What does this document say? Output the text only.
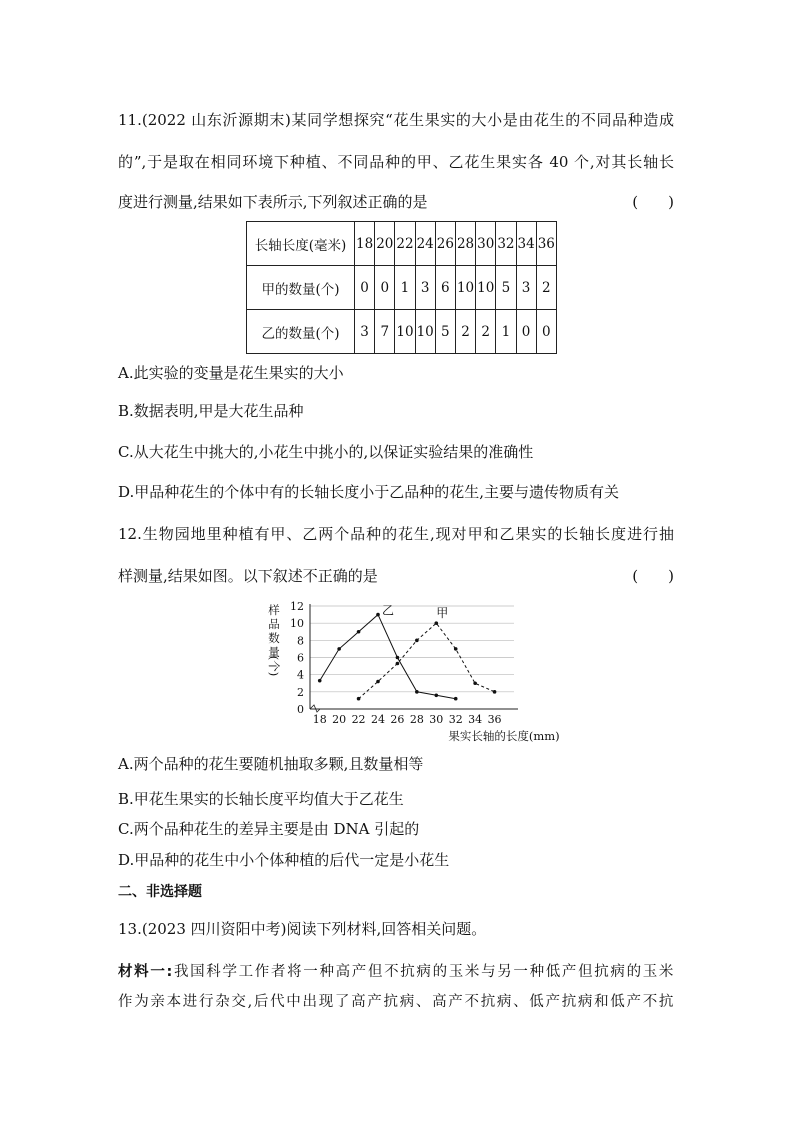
11.(2022 山东沂源期末)某同学想探究“花生果实的大小是由花生的不同品种造成
的”,于是取在相同环境下种植、不同品种的甲、乙花生果实各 40 个,对其长轴长
度进行测量,结果如下表所示,下列叙述正确的是	(　　)
长轴长度(毫米)	18	20	22	24	26	28	30	32	34	36
甲的数量(个)	0	0	1	3	6	10	10	5	3	2
乙的数量(个)	3	7	10	10	5	2	2	1	0	0
A.此实验的变量是花生果实的大小
B.数据表明,甲是大花生品种
C.从大花生中挑大的,小花生中挑小的,以保证实验结果的准确性
D.甲品种花生的个体中有的长轴长度小于乙品种的花生,主要与遗传物质有关
12.生物园地里种植有甲、乙两个品种的花生,现对甲和乙果实的长轴长度进行抽
样测量,结果如图。以下叙述不正确的是	(　　)
0
2
4
6
8
10
12
18 20 22 24 26 28 30 32 34 36
样
品
数
量
(个)
果实长轴的长度(mm)
乙	甲
A.两个品种的花生要随机抽取多颗,且数量相等
B.甲花生果实的长轴长度平均值大于乙花生
C.两个品种花生的差异主要是由 DNA 引起的
D.甲品种的花生中小个体种植的后代一定是小花生
二、非选择题
13.(2023 四川资阳中考)阅读下列材料,回答相关问题。
材料一:我国科学工作者将一种高产但不抗病的玉米与另一种低产但抗病的玉米
作为亲本进行杂交,后代中出现了高产抗病、高产不抗病、低产抗病和低产不抗
